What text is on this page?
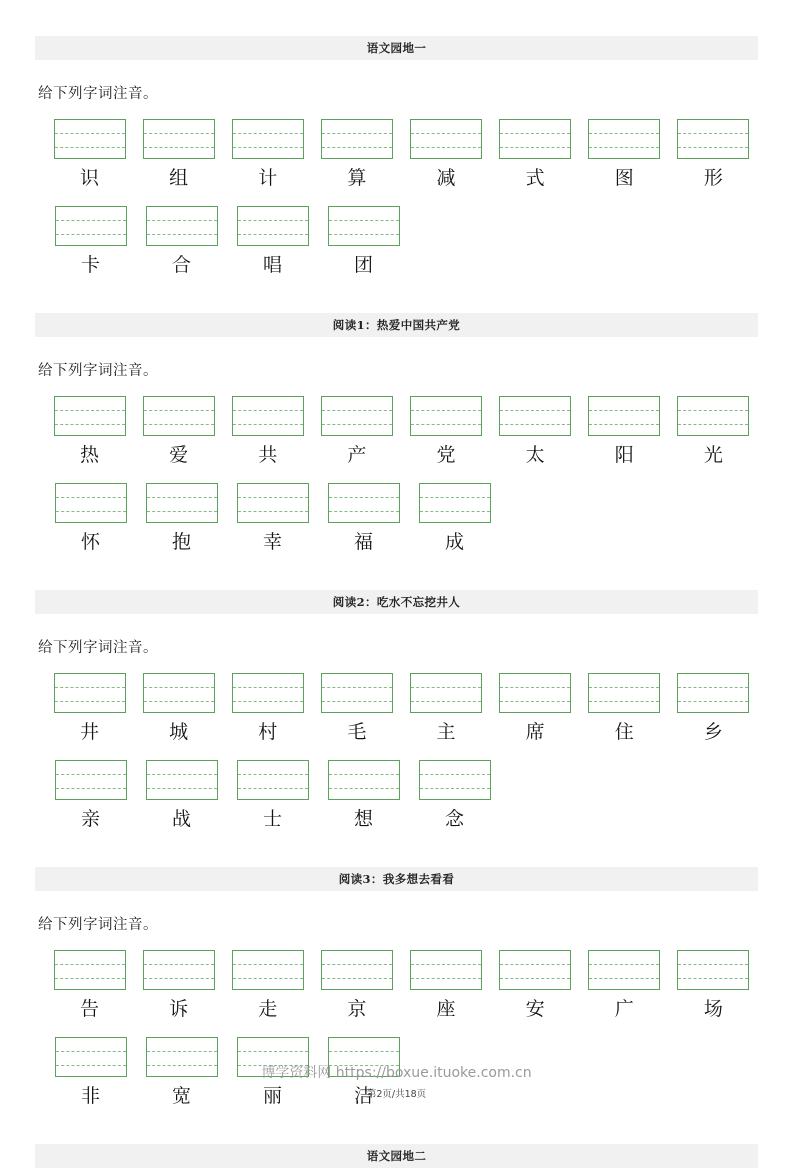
语文园地一
给下列字词注音。
识	组	计	算	减	式	图	形
卡	合	唱	团
阅读1：热爱中国共产党
给下列字词注音。
热	爱	共	产	党	太	阳	光
怀	抱	幸	福	成
阅读2：吃水不忘挖井人
给下列字词注音。
井	城	村	毛	主	席	住	乡
亲	战	士	想	念
阅读3：我多想去看看
给下列字词注音。
告	诉	走	京	座	安	广	场
非	宽	丽	洁
语文园地二
博学资料网 https://boxue.ituoke.com.cn
第2页/共18页
